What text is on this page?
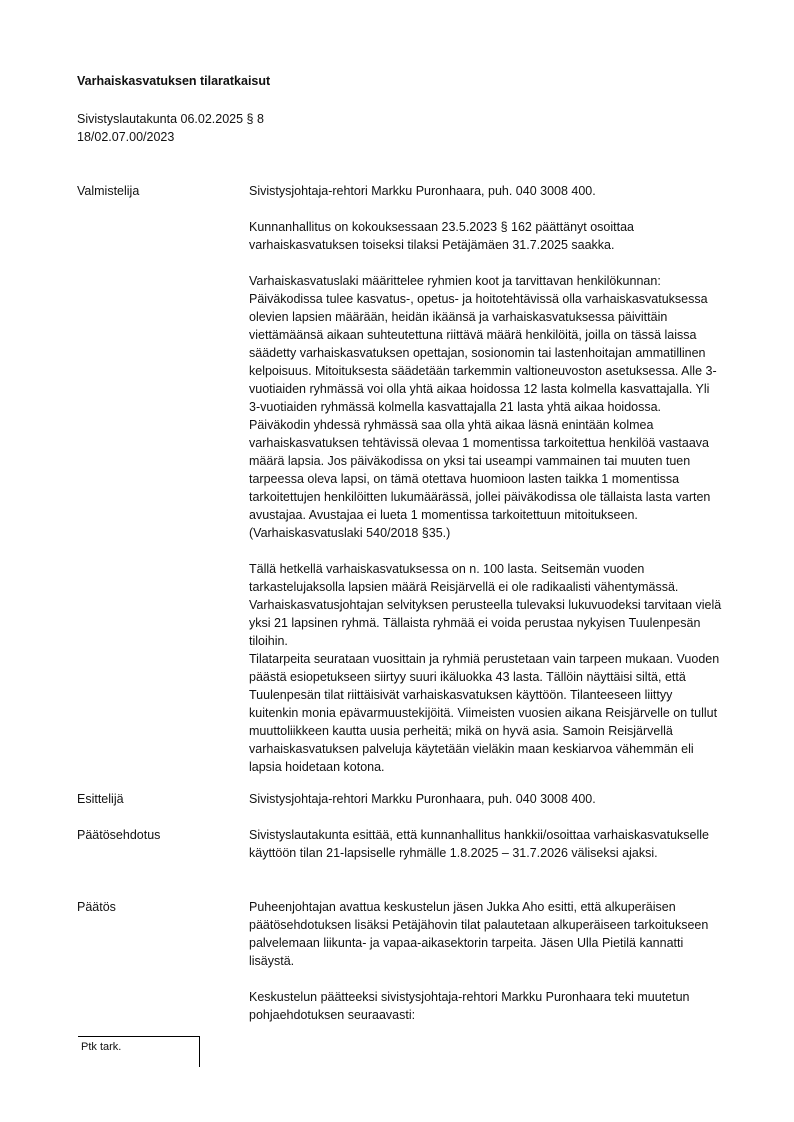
Varhaiskasvatuksen tilaratkaisut
Sivistyslautakunta 06.02.2025 § 8
18/02.07.00/2023
Valmistelija	Sivistysjohtaja-rehtori Markku Puronhaara, puh. 040 3008 400.

Kunnanhallitus on kokouksessaan 23.5.2023 § 162 päättänyt osoittaa varhaiskasvatuksen toiseksi tilaksi Petäjämäen 31.7.2025 saakka.

Varhaiskasvatuslaki määrittelee ryhmien koot ja tarvittavan henkilökunnan: Päiväkodissa tulee kasvatus-, opetus- ja hoitotehtävissä olla varhaiskasvatuksessa olevien lapsien määrään, heidän ikäänsä ja varhaiskasvatuksessa päivittäin viettämäänsä aikaan suhteutettuna riittävä määrä henkilöitä, joilla on tässä laissa säädetty varhaiskasvatuksen opettajan, sosionomin tai lastenhoitajan ammatillinen kelpoisuus. Mitoituksesta säädetään tarkemmin valtioneuvoston asetuksessa. Alle 3-vuotiaiden ryhmässä voi olla yhtä aikaa hoidossa 12 lasta kolmella kasvattajalla. Yli 3-vuotiaiden ryhmässä kolmella kasvattajalla 21 lasta yhtä aikaa hoidossa. Päiväkodin yhdessä ryhmässä saa olla yhtä aikaa läsnä enintään kolmea varhaiskasvatuksen tehtävissä olevaa 1 momentissa tarkoitettua henkilöä vastaava määrä lapsia. Jos päiväkodissa on yksi tai useampi vammainen tai muuten tuen tarpeessa oleva lapsi, on tämä otettava huomioon lasten taikka 1 momentissa tarkoitettujen henkilöitten lukumäärässä, jollei päiväkodissa ole tällaista lasta varten avustajaa. Avustajaa ei lueta 1 momentissa tarkoitettuun mitoitukseen. (Varhaiskasvatuslaki 540/2018 §35.)

Tällä hetkellä varhaiskasvatuksessa on n. 100 lasta. Seitsemän vuoden tarkastelujaksolla lapsien määrä Reisjärvellä ei ole radikaalisti vähentymässä. Varhaiskasvatusjohtajan selvityksen perusteella tulevaksi lukuvuodeksi tarvitaan vielä yksi 21 lapsinen ryhmä. Tällaista ryhmää ei voida perustaa nykyisen Tuulenpesän tiloihin.

Tilatarpeita seurataan vuosittain ja ryhmiä perustetaan vain tarpeen mukaan. Vuoden päästä esiopetukseen siirtyy suuri ikäluokka 43 lasta. Tällöin näyttäisi siltä, että Tuulenpesän tilat riittäisivät varhaiskasvatuksen käyttöön. Tilanteeseen liittyy kuitenkin monia epävarmuustekijöitä. Viimeisten vuosien aikana Reisjärvelle on tullut muuttoliikkeen kautta uusia perheitä; mikä on hyvä asia. Samoin Reisjärvellä varhaiskasvatuksen palveluja käytetään vieläkin maan keskiarvoa vähemmän eli lapsia hoidetaan kotona.

Esittelijä	Sivistysjohtaja-rehtori Markku Puronhaara, puh. 040 3008 400.

Päätösehdotus	Sivistyslautakunta esittää, että kunnanhallitus hankkii/osoittaa varhaiskasvatukselle käyttöön tilan 21-lapsiselle ryhmälle 1.8.2025 – 31.7.2026 väliseksi ajaksi.

Päätös	Puheenjohtajan avattua keskustelun jäsen Jukka Aho esitti, että alkuperäisen päätösehdotuksen lisäksi Petäjähovin tilat palautetaan alkuperäiseen tarkoitukseen palvelemaan liikunta- ja vapaa-aikasektorin tarpeita. Jäsen Ulla Pietilä kannatti lisäystä.

Keskustelun päätteeksi sivistysjohtaja-rehtori Markku Puronhaara teki muutetun pohjaehdotuksen seuraavasti:

Ptk tark.
